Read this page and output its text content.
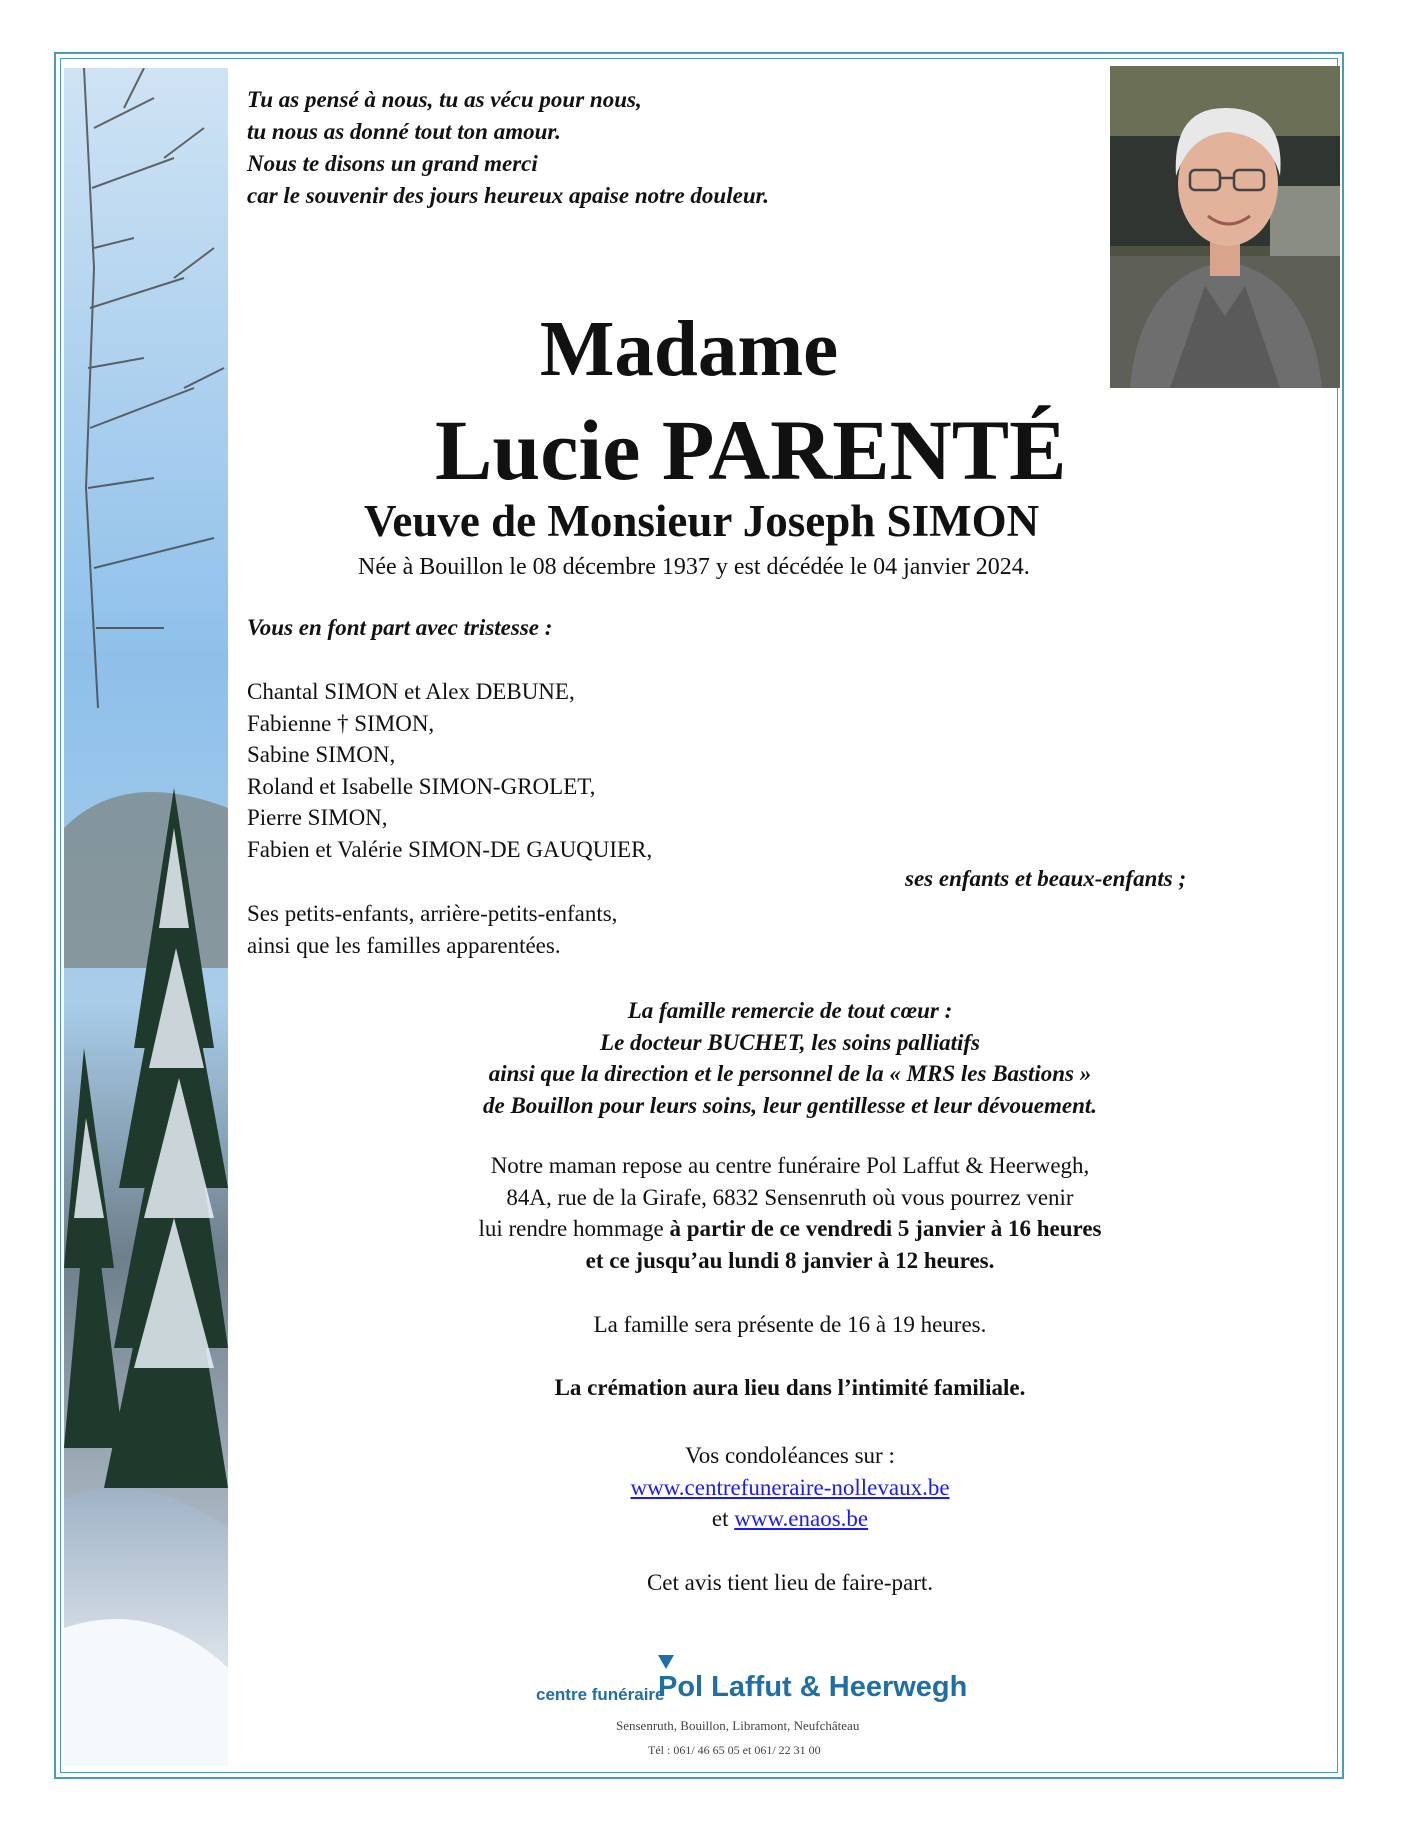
Tu as pensé à nous, tu as vécu pour nous,
tu nous as donné tout ton amour.
Nous te disons un grand merci
car le souvenir des jours heureux apaise notre douleur.
Madame
Lucie PARENTÉ
Veuve de Monsieur Joseph SIMON
Née à Bouillon le 08 décembre 1937 y est décédée le 04 janvier 2024.
Vous en font part avec tristesse :
Chantal SIMON et Alex DEBUNE,
Fabienne † SIMON,
Sabine SIMON,
Roland et Isabelle SIMON-GROLET,
Pierre SIMON,
Fabien et Valérie SIMON-DE GAUQUIER,
ses enfants et beaux-enfants ;
Ses petits-enfants, arrière-petits-enfants,
ainsi que les familles apparentées.
La famille remercie de tout cœur :
Le docteur BUCHET, les soins palliatifs
ainsi que la direction et le personnel de la « MRS les Bastions »
de Bouillon pour leurs soins, leur gentillesse et leur dévouement.
Notre maman repose au centre funéraire Pol Laffut & Heerwegh,
84A, rue de la Girafe, 6832 Sensenruth où vous pourrez venir
lui rendre hommage à partir de ce vendredi 5 janvier à 16 heures
et ce jusqu’au lundi 8 janvier à 12 heures.
La famille sera présente de 16 à 19 heures.
La crémation aura lieu dans l’intimité familiale.
Vos condoléances sur :
www.centrefuneraire-nollevaux.be
et www.enaos.be
Cet avis tient lieu de faire-part.
centre funéraire
Pol Laffut & Heerwegh
Sensenruth, Bouillon, Libramont, Neufchâteau
Tél : 061/ 46 65 05 et 061/ 22 31 00
